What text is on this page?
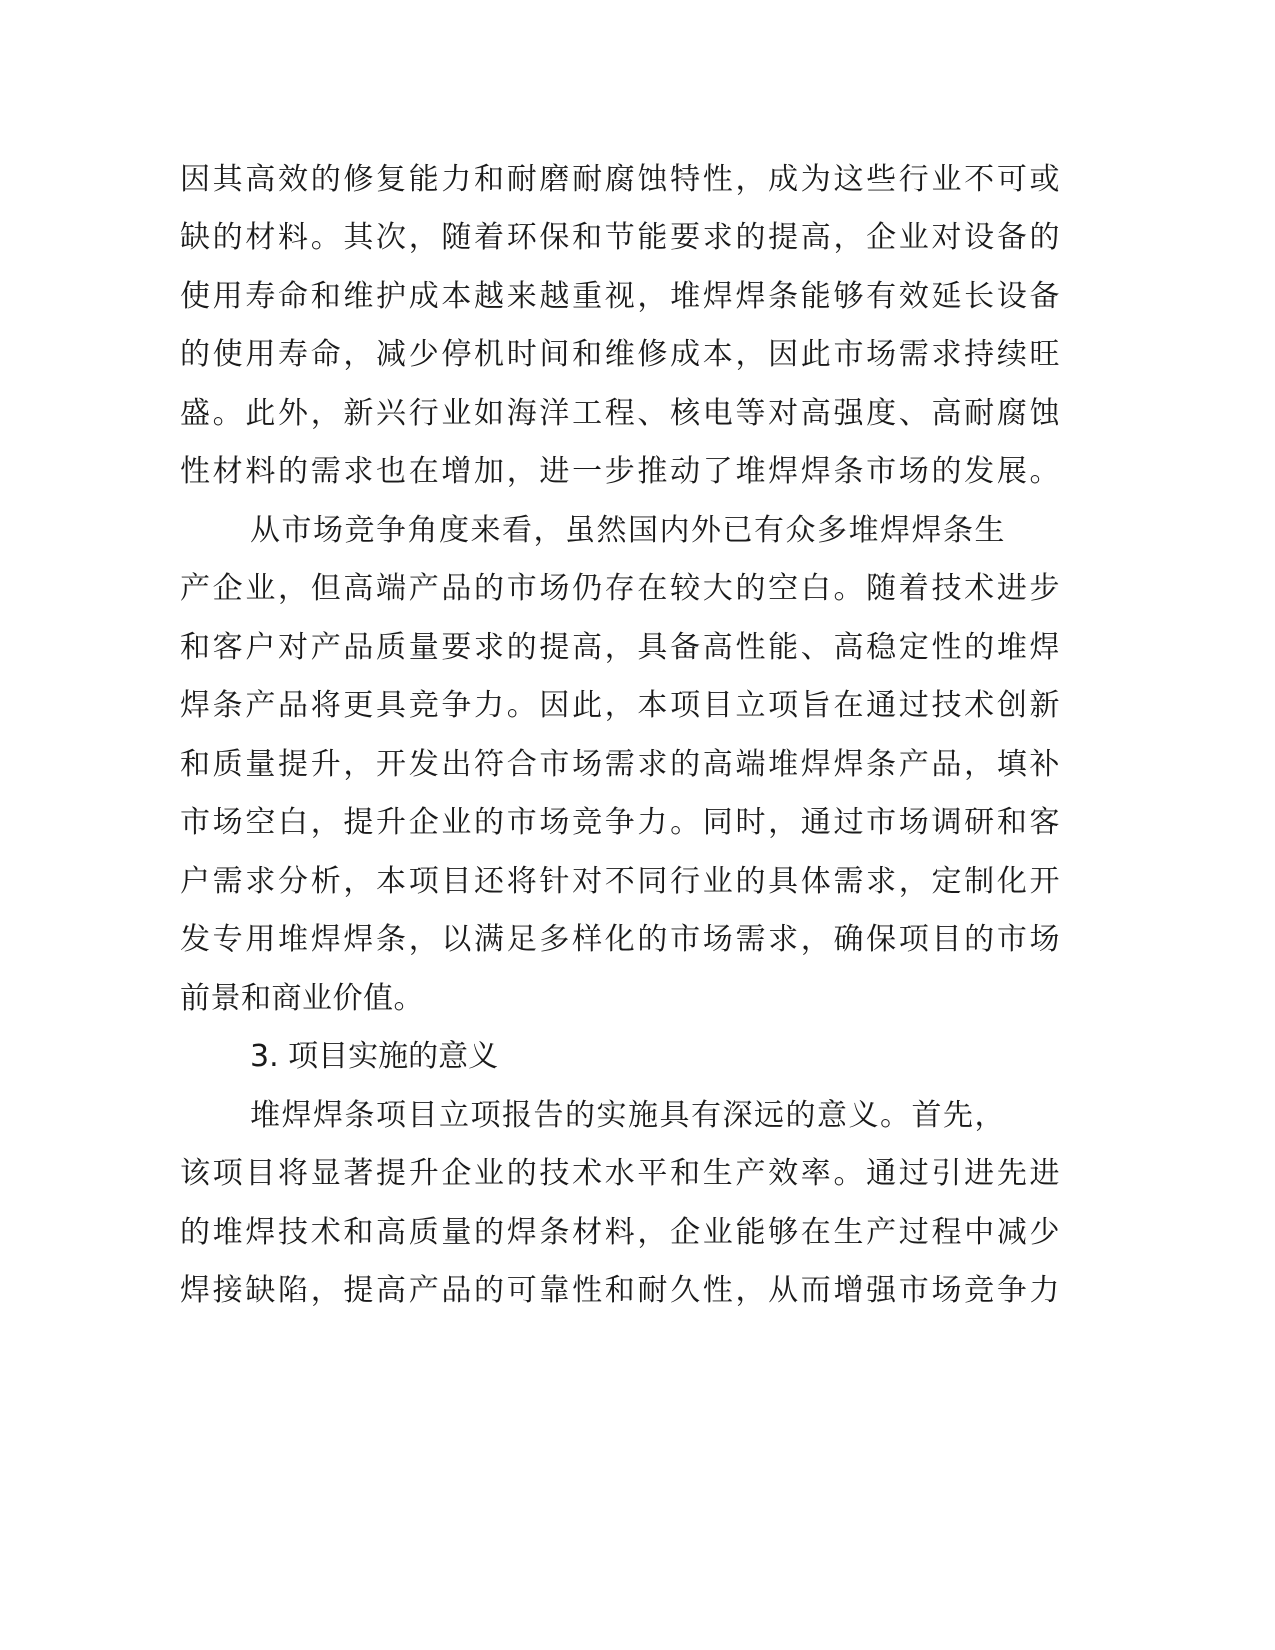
因其高效的修复能力和耐磨耐腐蚀特性，成为这些行业不可或
缺的材料。其次，随着环保和节能要求的提高，企业对设备的
使用寿命和维护成本越来越重视，堆焊焊条能够有效延长设备
的使用寿命，减少停机时间和维修成本，因此市场需求持续旺
盛。此外，新兴行业如海洋工程、核电等对高强度、高耐腐蚀
性材料的需求也在增加，进一步推动了堆焊焊条市场的发展。
从市场竞争角度来看，虽然国内外已有众多堆焊焊条生
产企业，但高端产品的市场仍存在较大的空白。随着技术进步
和客户对产品质量要求的提高，具备高性能、高稳定性的堆焊
焊条产品将更具竞争力。因此，本项目立项旨在通过技术创新
和质量提升，开发出符合市场需求的高端堆焊焊条产品，填补
市场空白，提升企业的市场竞争力。同时，通过市场调研和客
户需求分析，本项目还将针对不同行业的具体需求，定制化开
发专用堆焊焊条，以满足多样化的市场需求，确保项目的市场
前景和商业价值。
3. 项目实施的意义
堆焊焊条项目立项报告的实施具有深远的意义。首先，
该项目将显著提升企业的技术水平和生产效率。通过引进先进
的堆焊技术和高质量的焊条材料，企业能够在生产过程中减少
焊接缺陷，提高产品的可靠性和耐久性，从而增强市场竞争力
